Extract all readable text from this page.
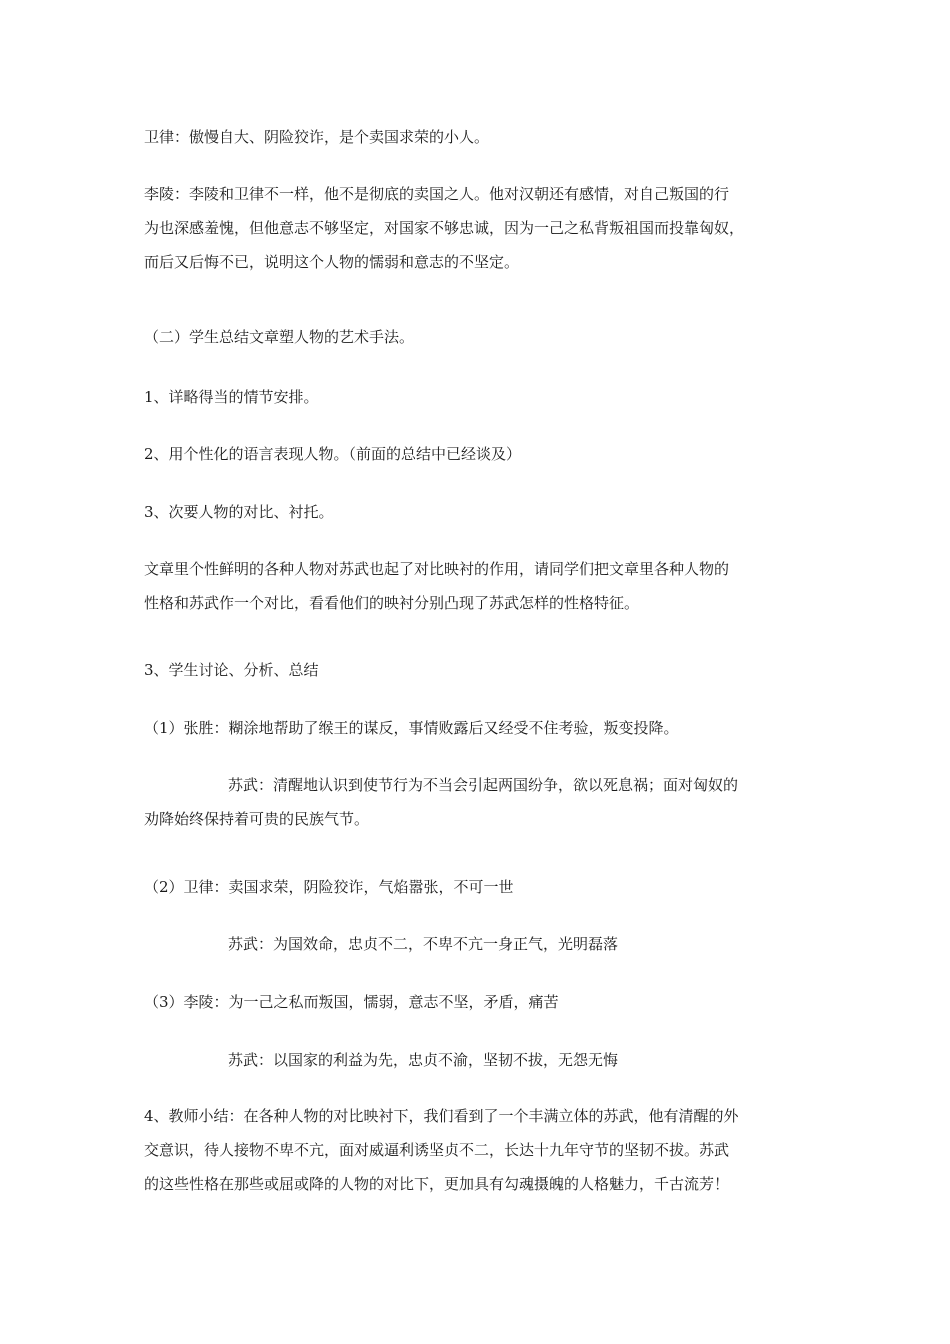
卫律：傲慢自大、阴险狡诈，是个卖国求荣的小人。
李陵：李陵和卫律不一样，他不是彻底的卖国之人。他对汉朝还有感情，对自己叛国的行
为也深感羞愧，但他意志不够坚定，对国家不够忠诚，因为一己之私背叛祖国而投靠匈奴，
而后又后悔不已，说明这个人物的懦弱和意志的不坚定。
（二）学生总结文章塑人物的艺术手法。
1、详略得当的情节安排。
2、用个性化的语言表现人物。（前面的总结中已经谈及）
3、次要人物的对比、衬托。
文章里个性鲜明的各种人物对苏武也起了对比映衬的作用，请同学们把文章里各种人物的
性格和苏武作一个对比，看看他们的映衬分别凸现了苏武怎样的性格特征。
3、学生讨论、分析、总结
（1）张胜：糊涂地帮助了缑王的谋反，事情败露后又经受不住考验，叛变投降。
苏武：清醒地认识到使节行为不当会引起两国纷争，欲以死息祸；面对匈奴的
劝降始终保持着可贵的民族气节。
（2）卫律：卖国求荣，阴险狡诈，气焰嚣张，不可一世
苏武：为国效命，忠贞不二，不卑不亢一身正气，光明磊落
（3）李陵：为一己之私而叛国，懦弱，意志不坚，矛盾，痛苦
苏武：以国家的利益为先，忠贞不渝，坚韧不拔，无怨无悔
4、教师小结：在各种人物的对比映衬下，我们看到了一个丰满立体的苏武，他有清醒的外
交意识，待人接物不卑不亢，面对威逼利诱坚贞不二，长达十九年守节的坚韧不拔。苏武
的这些性格在那些或屈或降的人物的对比下，更加具有勾魂摄魄的人格魅力，千古流芳！
